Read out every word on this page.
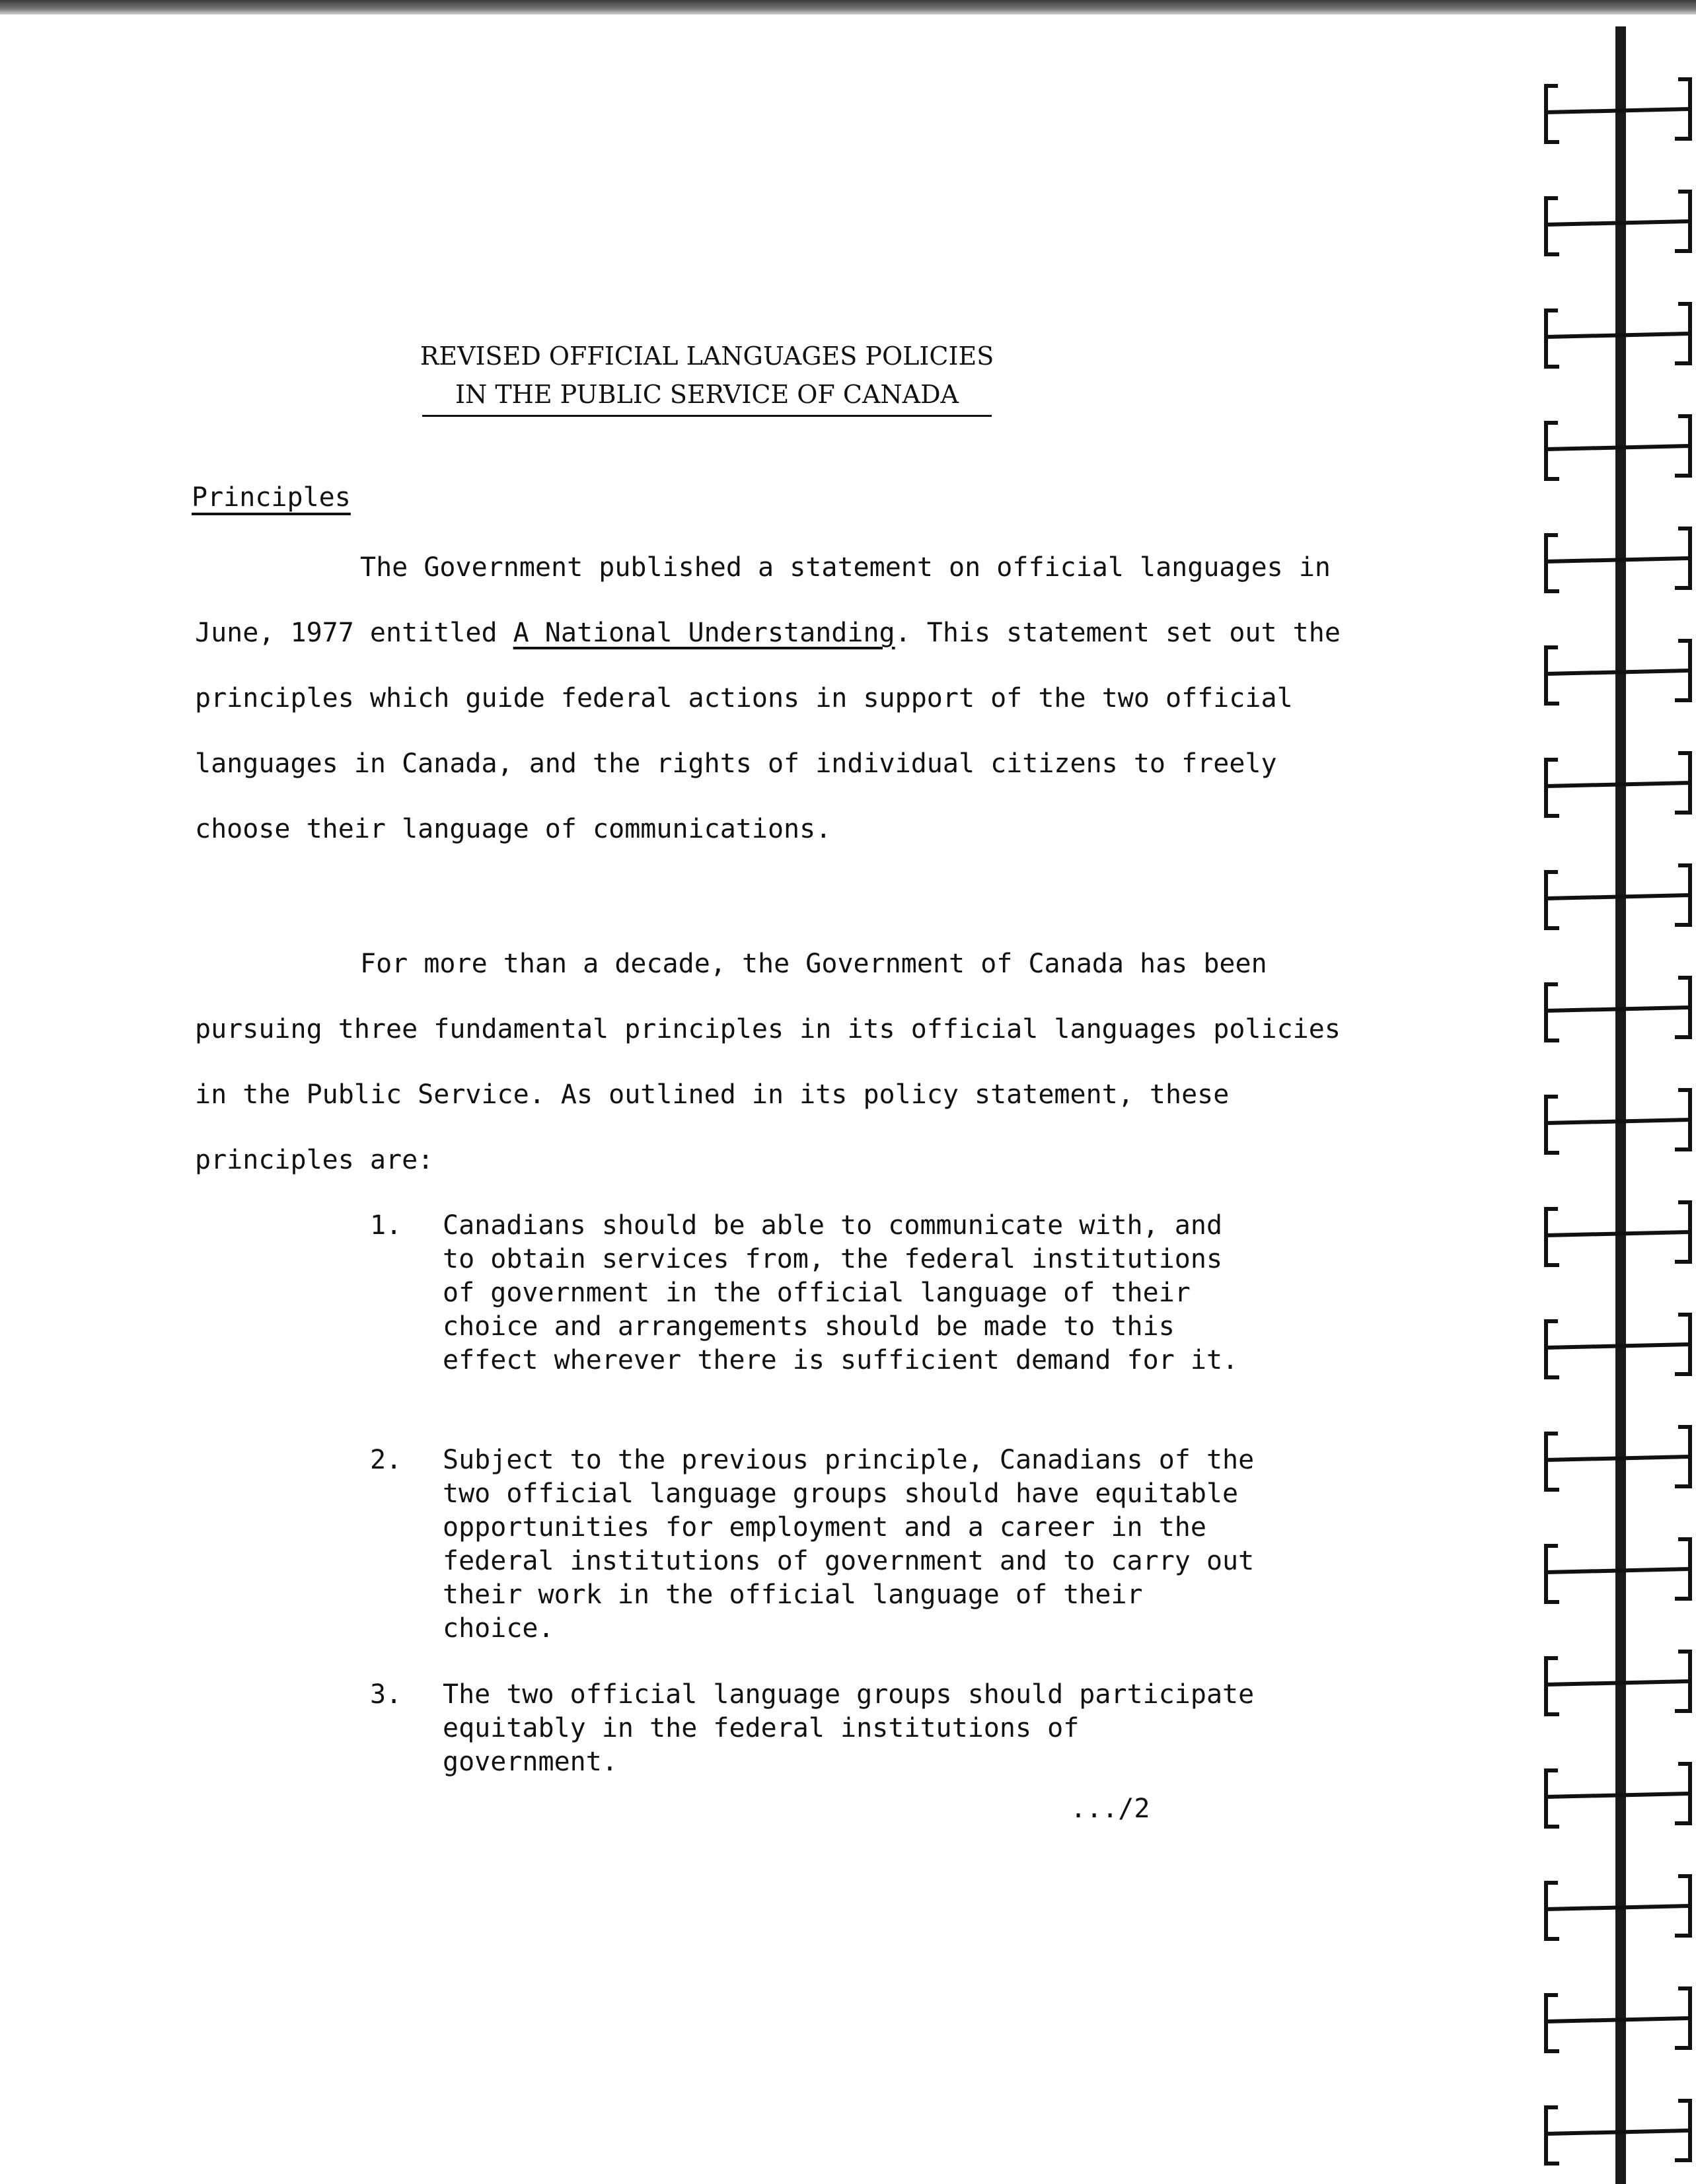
REVISED OFFICIAL LANGUAGES POLICIES
IN THE PUBLIC SERVICE OF CANADA
Principles

The Government published a statement on official languages in June, 1977 entitled A National Understanding. This statement set out the principles which guide federal actions in support of the two official languages in Canada, and the rights of individual citizens to freely choose their language of communications.

For more than a decade, the Government of Canada has been pursuing three fundamental principles in its official languages policies in the Public Service. As outlined in its policy statement, these principles are:

1.	Canadians should be able to communicate with, and to obtain services from, the federal institutions of government in the official language of their choice and arrangements should be made to this effect wherever there is sufficient demand for it.
2.	Subject to the previous principle, Canadians of the two official language groups should have equitable opportunities for employment and a career in the federal institutions of government and to carry out their work in the official language of their choice.
3.	The two official language groups should participate equitably in the federal institutions of government.
.../2
